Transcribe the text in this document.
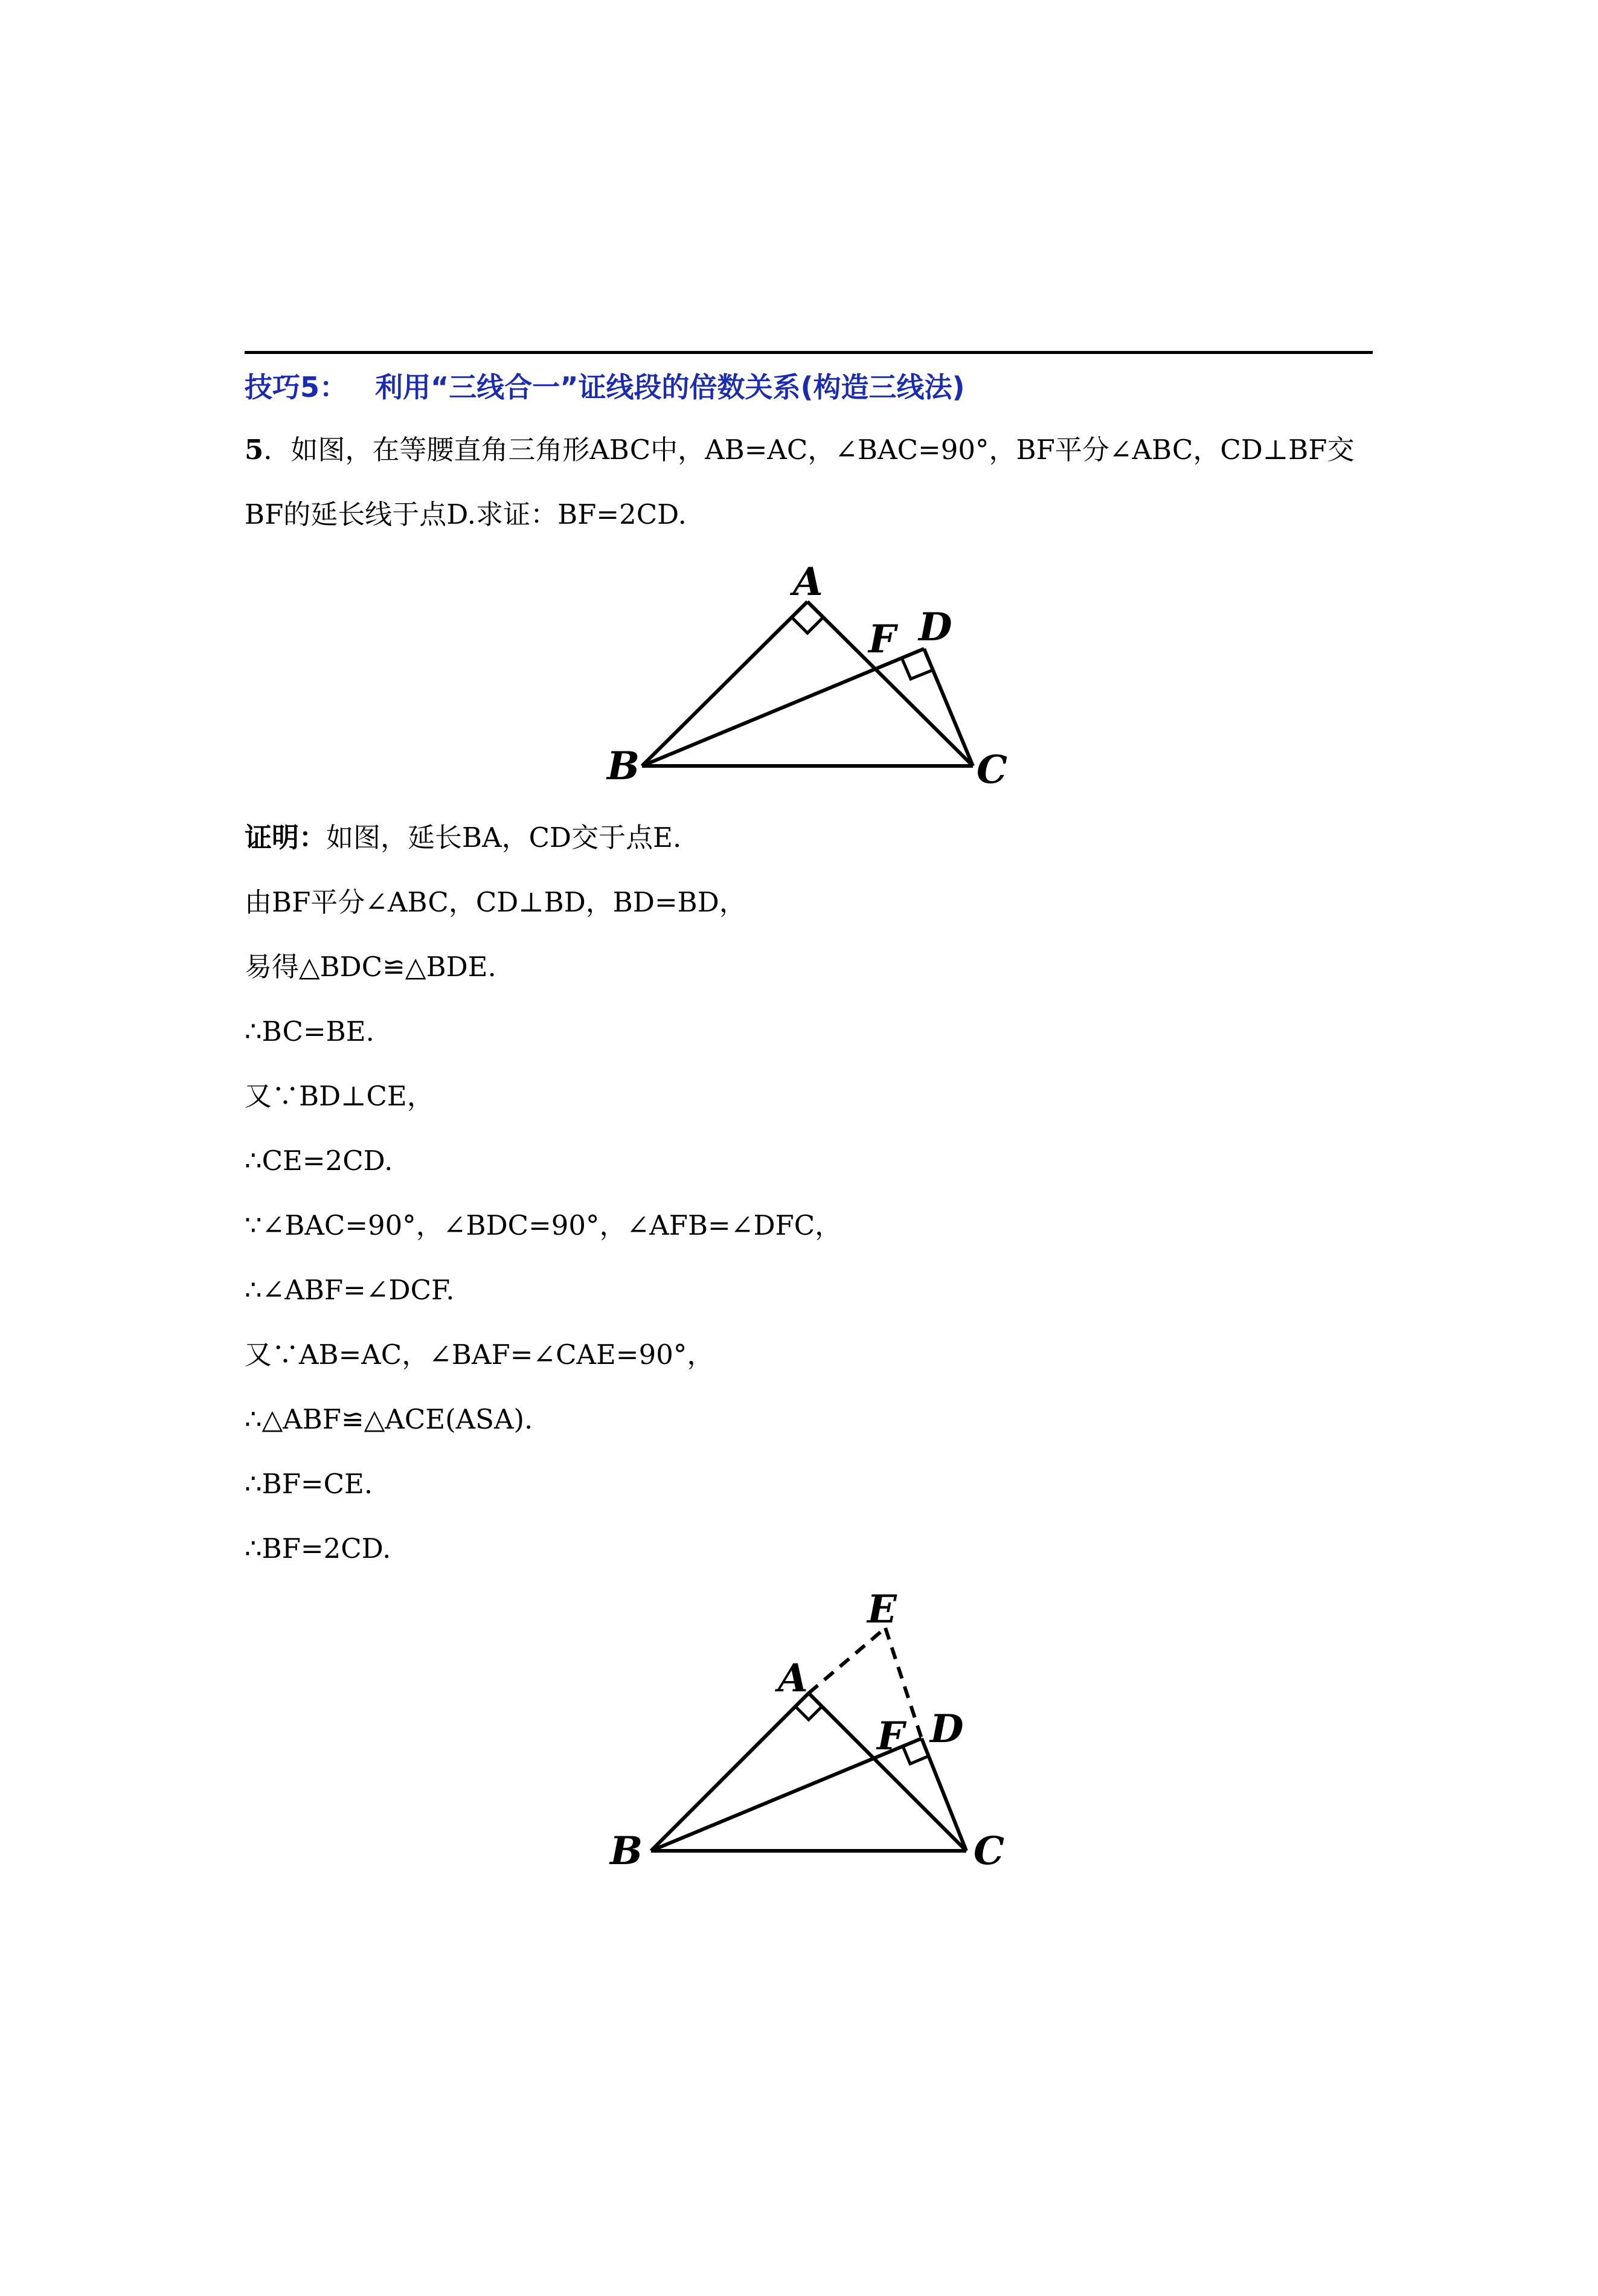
技巧5： 利用“三线合一”证线段的倍数关系(构造三线法)
5．如图，在等腰直角三角形ABC中，AB=AC，∠BAC=90°，BF平分∠ABC，CD⊥BF交
BF的延长线于点D.求证：BF=2CD.
A
B	C
D
F
证明：如图，延长BA，CD交于点E.
由BF平分∠ABC，CD⊥BD，BD=BD，
易得△BDC≌△BDE.
∴BC=BE.
又∵BD⊥CE，
∴CE=2CD.
∵∠BAC=90°，∠BDC=90°，∠AFB=∠DFC，
∴∠ABF=∠DCF.
又∵AB=AC，∠BAF=∠CAE=90°，
∴△ABF≌△ACE(ASA).
∴BF=CE.
∴BF=2CD.
E
A
B	C
D
F
